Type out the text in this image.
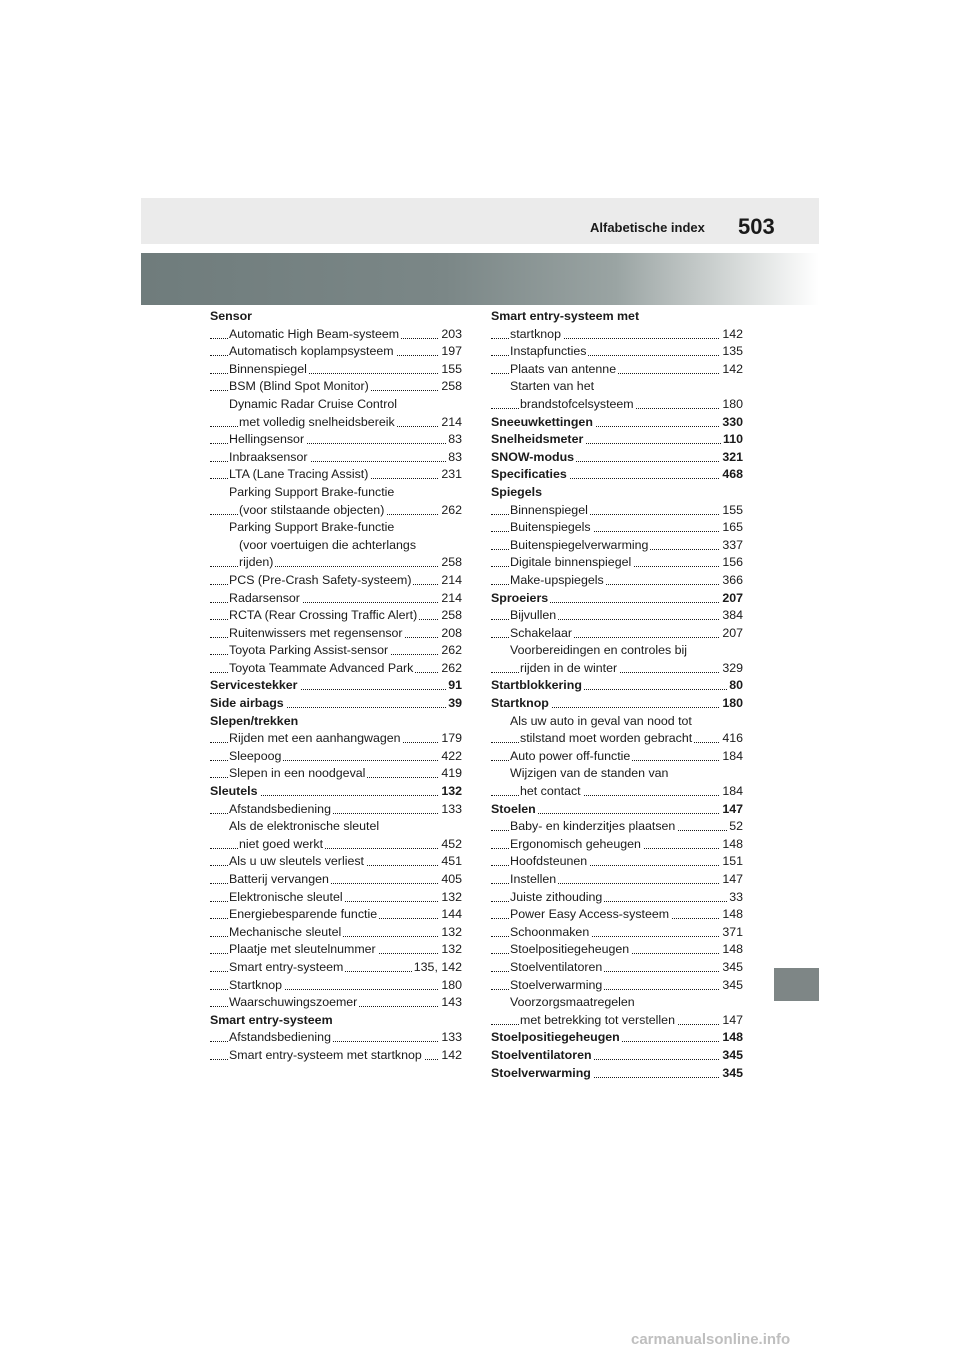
Alfabetische index 503
Sensor
Automatic High Beam-systeem	203
Automatisch koplampsysteem	197
Binnenspiegel	155
BSM (Blind Spot Monitor)	258
Dynamic Radar Cruise Control
met volledig snelheidsbereik	214
Hellingsensor	83
Inbraaksensor	83
LTA (Lane Tracing Assist)	231
Parking Support Brake-functie
(voor stilstaande objecten)	262
Parking Support Brake-functie
(voor voertuigen die achterlangs
rijden)	258
PCS (Pre-Crash Safety-systeem) 214
Radarsensor	214
RCTA (Rear Crossing Traffic Alert) 258
Ruitenwissers met regensensor	208
Toyota Parking Assist-sensor	262
Toyota Teammate Advanced Park 262
Servicestekker	91
Side airbags	39
Slepen/trekken
Rijden met een aanhangwagen	179
Sleepoog	422
Slepen in een noodgeval	419
Sleutels	132
Afstandsbediening	133
Als de elektronische sleutel
niet goed werkt	452
Als u uw sleutels verliest	451
Batterij vervangen	405
Elektronische sleutel	132
Energiebesparende functie	144
Mechanische sleutel	132
Plaatje met sleutelnummer	132
Smart entry-systeem	135, 142
Startknop	180
Waarschuwingszoemer	143
Smart entry-systeem
Afstandsbediening	133
Smart entry-systeem met startknop 142
Smart entry-systeem met
startknop	142
Instapfuncties	135
Plaats van antenne	142
Starten van het
brandstofcelsysteem	180
Sneeuwkettingen	330
Snelheidsmeter	110
SNOW-modus	321
Specificaties	468
Spiegels
Binnenspiegel	155
Buitenspiegels	165
Buitenspiegelverwarming	337
Digitale binnenspiegel	156
Make-upspiegels	366
Sproeiers	207
Bijvullen	384
Schakelaar	207
Voorbereidingen en controles bij
rijden in de winter	329
Startblokkering	80
Startknop	180
Als uw auto in geval van nood tot
stilstand moet worden gebracht 416
Auto power off-functie	184
Wijzigen van de standen van
het contact	184
Stoelen	147
Baby- en kinderzitjes plaatsen	52
Ergonomisch geheugen	148
Hoofdsteunen	151
Instellen	147
Juiste zithouding	33
Power Easy Access-systeem	148
Schoonmaken	371
Stoelpositiegeheugen	148
Stoelventilatoren	345
Stoelverwarming	345
Voorzorgsmaatregelen
met betrekking tot verstellen	147
Stoelpositiegeheugen	148
Stoelventilatoren	345
Stoelverwarming	345
carmanualsonline.info
